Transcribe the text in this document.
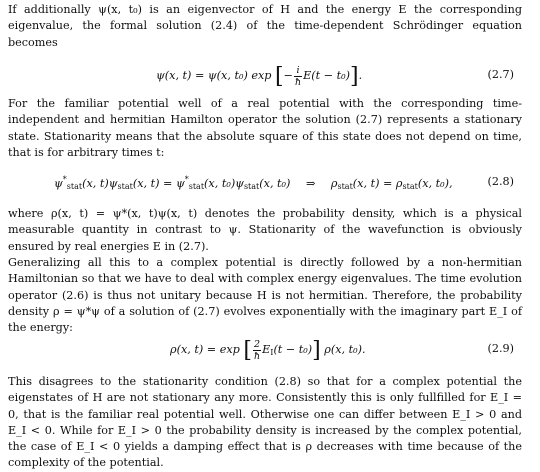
If additionally ψ(x, t₀) is an eigenvector of H and the energy E the corresponding eigenvalue, the formal solution (2.4) of the time-dependent Schrödinger equation becomes

ψ(x, t) = ψ(x, t₀) exp [− $\frac{i}{ħ} E(t - t_0)$].	(2.7)

For the familiar potential well of a real potential with the corresponding time-independent and hermitian Hamilton operator the solution (2.7) represents a stationary state. Stationarity means that the absolute square of this state does not depend on time, that is for arbitrary times t:

$\psi^*_{stat}(x$, $t)\psi_{stat}(x$, $t) = \psi^*_{stat}(x$, $t_0)\psi_{stat}(x$, t₀) ⇒ $\rho_{stat}(x$, $t) = \rho_{stat}(x$, t₀),	(2.8)

where ρ(x, t) = ψ*(x, t)ψ(x, t) denotes the probability density, which is a physical measurable quantity in contrast to ψ. Stationarity of the wavefunction is obviously ensured by real energies E in (2.7).

Generalizing all this to a complex potential is directly followed by a non-hermitian Hamiltonian so that we have to deal with complex energy eigenvalues. The time evolution operator (2.6) is thus not unitary because H is not hermitian. Therefore, the probability density ρ = ψ*ψ of a solution of (2.7) evolves exponentially with the imaginary part E_I of the energy:

ρ(x, t) = exp [ $\frac{2}{ħ} E_I(t - t_0)$] ρ(x, t₀).	(2.9)

This disagrees to the stationarity condition (2.8) so that for a complex potential the eigenstates of H are not stationary any more. Consistently this is only fullfilled for E_I = 0, that is the familiar real potential well. Otherwise one can differ between E_I > 0 and E_I < 0. While for E_I > 0 the probability density is increased by the complex potential, the case of E_I < 0 yields a damping effect that is ρ decreases with time because of the complexity of the potential.
